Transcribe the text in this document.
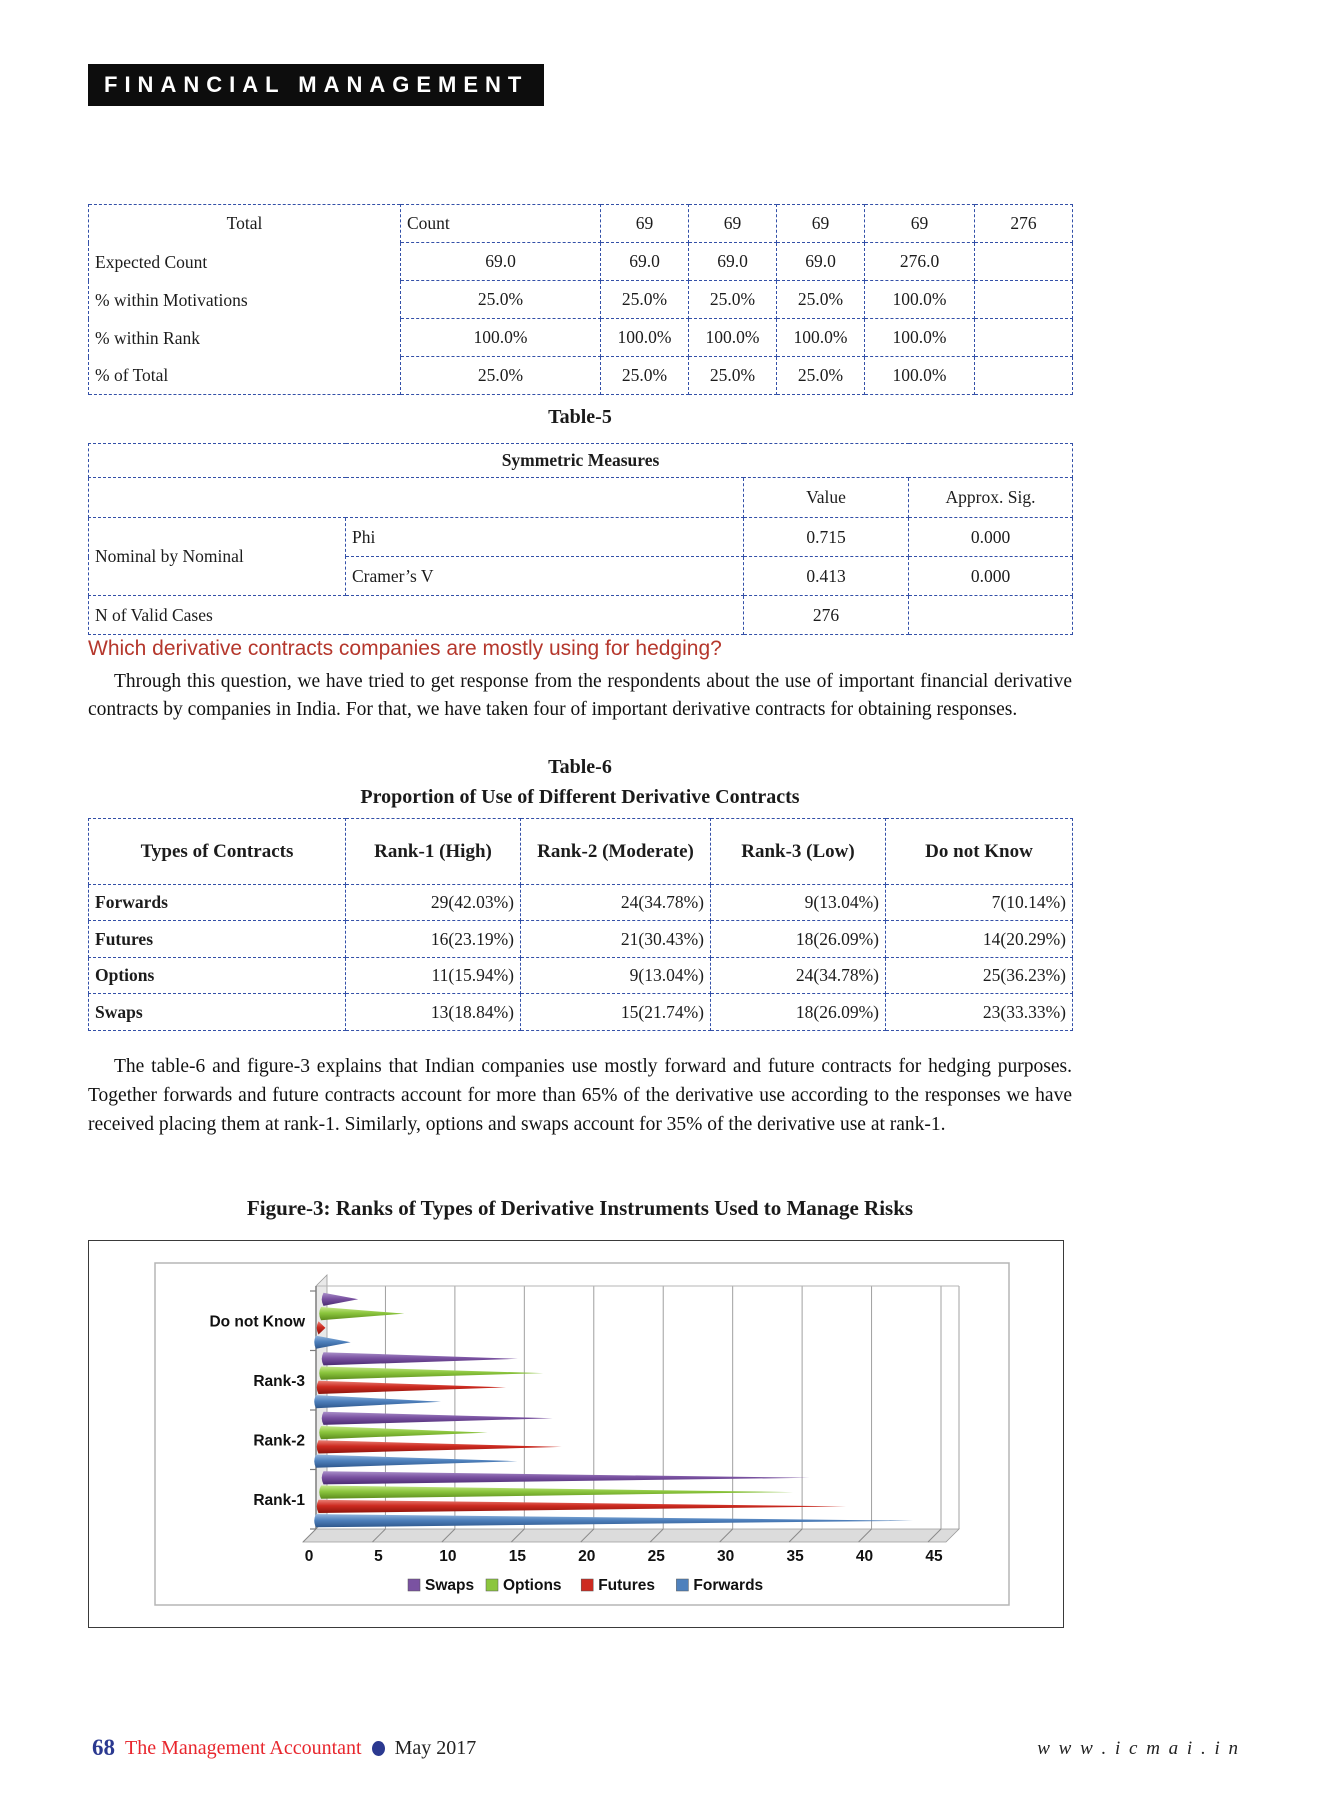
FINANCIAL MANAGEMENT
Total	Count	69	69	69	69	276
Expected Count	69.0	69.0	69.0	69.0	276.0	
% within Motivations	25.0%	25.0%	25.0%	25.0%	100.0%	
% within Rank	100.0%	100.0%	100.0%	100.0%	100.0%	
% of Total	25.0%	25.0%	25.0%	25.0%	100.0%	
Table-5
Symmetric Measures			
		Value	Approx. Sig.
Nominal by Nominal	Phi	0.715	0.000
	Cramer’s V	0.413	0.000
N of Valid Cases		276	
Which derivative contracts companies are mostly using for hedging?
Through this question, we have tried to get response from the respondents about the use of important financial derivative contracts by companies in India. For that, we have taken four of important derivative contracts for obtaining responses.
Table-6
Proportion of Use of Different Derivative Contracts
Types of Contracts	Rank-1 (High)	Rank-2 (Moderate)	Rank-3 (Low)	Do not Know
Forwards	29(42.03%)	24(34.78%)	9(13.04%)	7(10.14%)
Futures	16(23.19%)	21(30.43%)	18(26.09%)	14(20.29%)
Options	11(15.94%)	9(13.04%)	24(34.78%)	25(36.23%)
Swaps	13(18.84%)	15(21.74%)	18(26.09%)	23(33.33%)
The table-6 and figure-3 explains that Indian companies use mostly forward and future contracts for hedging purposes. Together forwards and future contracts account for more than 65% of the derivative use according to the responses we have received placing them at rank-1. Similarly, options and swaps account for 35% of the derivative use at rank-1.
Figure-3: Ranks of Types of Derivative Instruments Used to Manage Risks
0	5	10	15	20	25	30	35	40	45
Do not Know
Rank-3
Rank-2
Rank-1
Swaps Options Futures Forwards
68 The Management Accountant May 2017	w w w . i c m a i . i n
